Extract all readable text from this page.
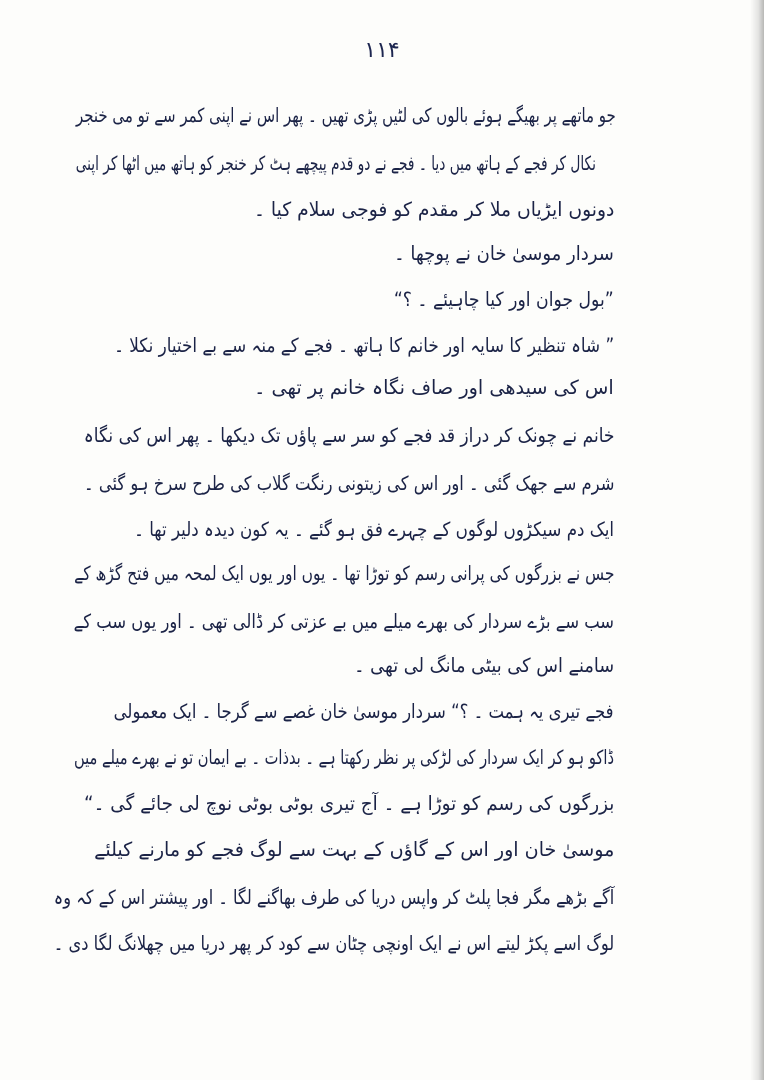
۱۱۴
جو ماتھے پر بھیگے ہوئے بالوں کی لٹیں پڑی تھیں ۔ پھر اس نے اپنی کمر سے تو می خنجر
نکال کر فجے کے ہاتھ میں دیا ۔ فجے نے دو قدم پیچھے ہٹ کر خنجر کو ہاتھ میں اٹھا کر اپنی
دونوں ایڑیاں ملا کر مقدم کو فوجی سلام کیا ۔
سردار موسیٰ خان نے پوچھا ۔
”بول جوان اور کیا چاہیئے ۔ ؟“
” شاہ تنظیر کا سایہ اور خانم کا ہاتھ ۔ فجے کے منہ سے بے اختیار نکلا ۔
اس کی سیدھی اور صاف نگاہ خانم پر تھی ۔
خانم نے چونک کر دراز قد فجے کو سر سے پاؤں تک دیکھا ۔ پھر اس کی نگاہ
شرم سے جھک گئی ۔ اور اس کی زیتونی رنگت گلاب کی طرح سرخ ہو گئی ۔
ایک دم سیکڑوں لوگوں کے چہرے فق ہو گئے ۔ یہ کون دیدہ دلیر تھا ۔
جس نے بزرگوں کی پرانی رسم کو توڑا تھا ۔ یوں اور یوں ایک لمحہ میں فتح گڑھ کے
سب سے بڑے سردار کی بھرے میلے میں بے عزتی کر ڈالی تھی ۔ اور یوں سب کے
سامنے اس کی بیٹی مانگ لی تھی ۔
فجے تیری یہ ہمت ۔ ؟“ سردار موسیٰ خان غصے سے گرجا ۔ ایک معمولی
ڈاکو ہو کر ایک سردار کی لڑکی پر نظر رکھتا ہے ۔ بدذات ۔ بے ایمان تو نے بھرے میلے میں
بزرگوں کی رسم کو توڑا ہے ۔ آج تیری بوٹی بوٹی نوچ لی جائے گی ۔“
موسیٰ خان اور اس کے گاؤں کے بہت سے لوگ فجے کو مارنے کیلئے
آگے بڑھے مگر فجا پلٹ کر واپس دریا کی طرف بھاگنے لگا ۔ اور پیشتر اس کے کہ وہ
لوگ اسے پکڑ لیتے اس نے ایک اونچی چٹان سے کود کر پھر دریا میں چھلانگ لگا دی ۔
